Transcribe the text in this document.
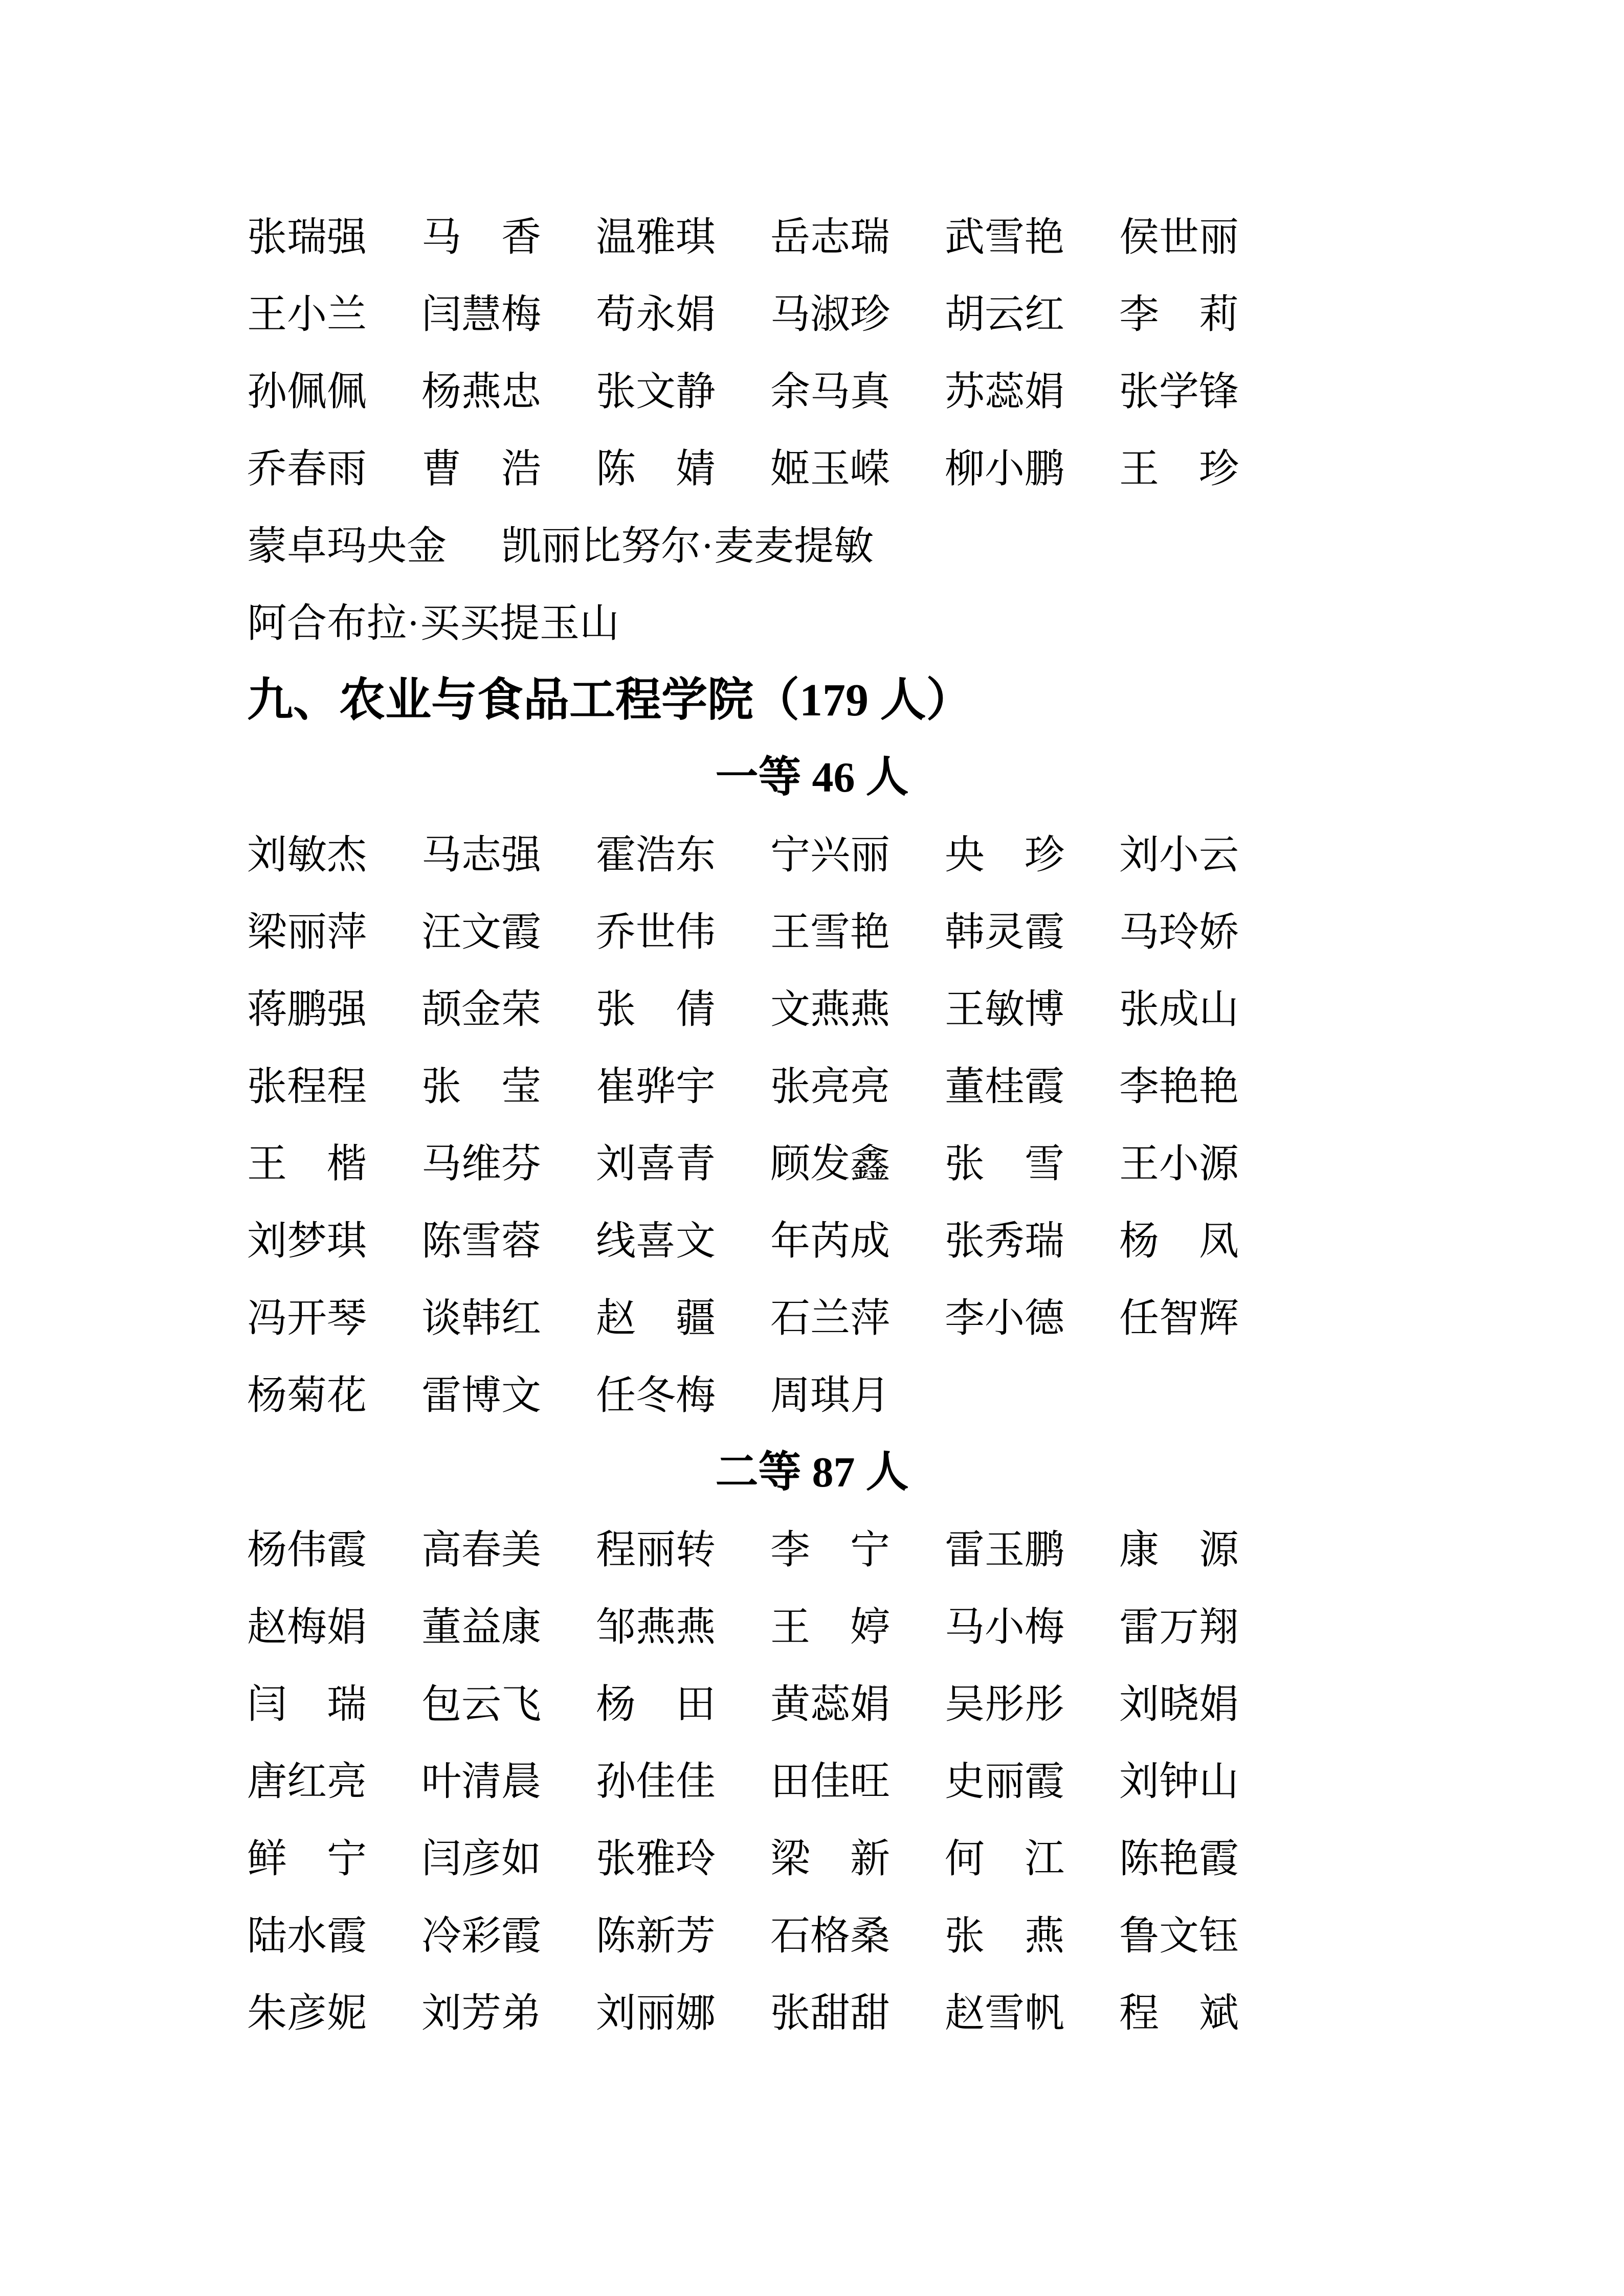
张瑞强 马　香 温雅琪 岳志瑞 武雪艳 侯世丽
王小兰 闫慧梅 苟永娟 马淑珍 胡云红 李　莉
孙佩佩 杨燕忠 张文静 余马真 苏蕊娟 张学锋
乔春雨 曹　浩 陈　婧 姬玉嵘 柳小鹏 王　珍
蒙卓玛央金 凯丽比努尔·麦麦提敏
阿合布拉·买买提玉山
九、农业与食品工程学院（179 人）
一等 46 人
刘敏杰 马志强 霍浩东 宁兴丽 央　珍 刘小云
梁丽萍 汪文霞 乔世伟 王雪艳 韩灵霞 马玲娇
蒋鹏强 颉金荣 张　倩 文燕燕 王敏博 张成山
张程程 张　莹 崔骅宇 张亮亮 董桂霞 李艳艳
王　楷 马维芬 刘喜青 顾发鑫 张　雪 王小源
刘梦琪 陈雪蓉 线喜文 年芮成 张秀瑞 杨　凤
冯开琴 谈韩红 赵　疆 石兰萍 李小德 任智辉
杨菊花 雷博文 任冬梅 周琪月
二等 87 人
杨伟霞 高春美 程丽转 李　宁 雷玉鹏 康　源
赵梅娟 董益康 邹燕燕 王　婷 马小梅 雷万翔
闫　瑞 包云飞 杨　田 黄蕊娟 吴彤彤 刘晓娟
唐红亮 叶清晨 孙佳佳 田佳旺 史丽霞 刘钟山
鲜　宁 闫彦如 张雅玲 梁　新 何　江 陈艳霞
陆水霞 冷彩霞 陈新芳 石格桑 张　燕 鲁文钰
朱彦妮 刘芳弟 刘丽娜 张甜甜 赵雪帆 程　斌
